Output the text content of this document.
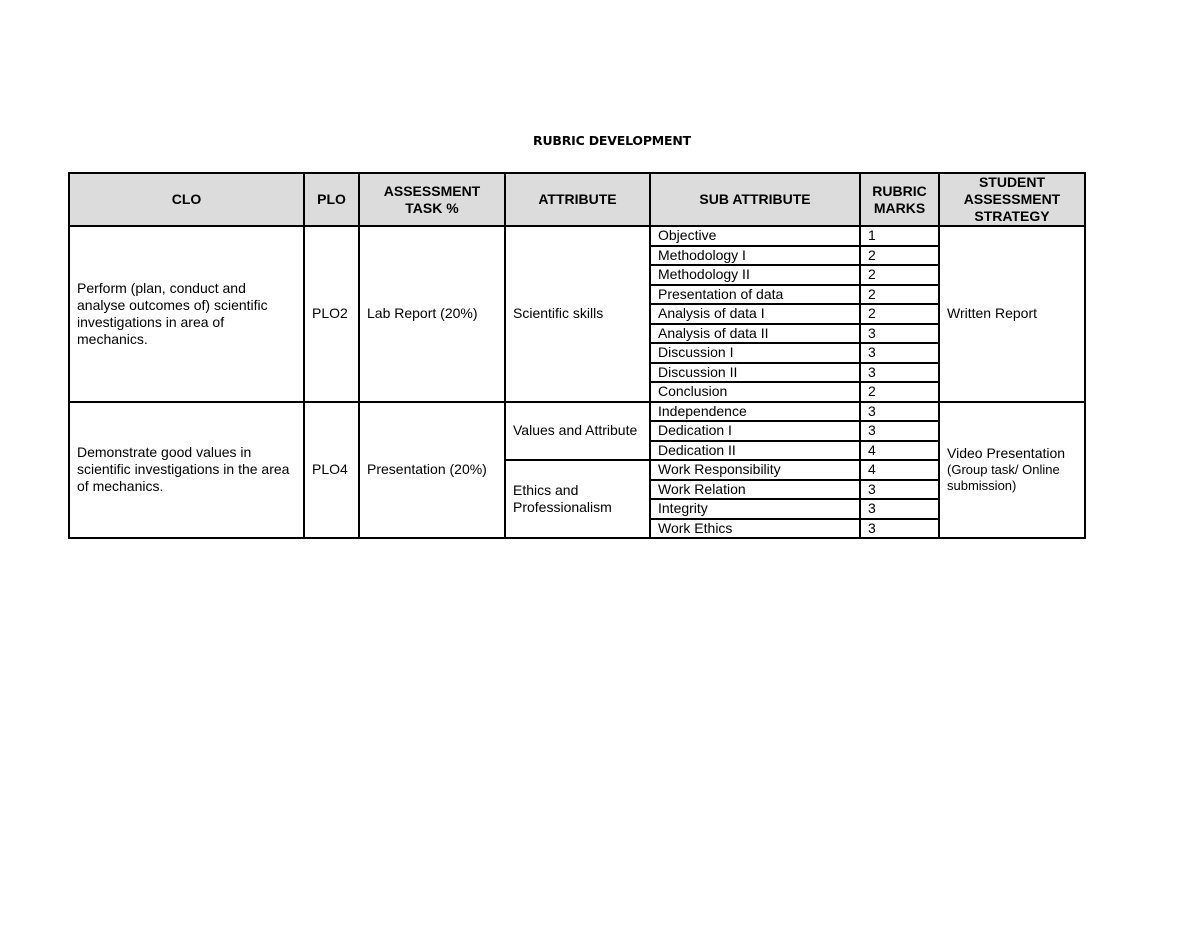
RUBRIC DEVELOPMENT
CLO	PLO	ASSESSMENT TASK %	ATTRIBUTE	SUB ATTRIBUTE	RUBRIC MARKS	STUDENT ASSESSMENT STRATEGY
Perform (plan, conduct and analyse outcomes of) scientific investigations in area of mechanics.	PLO2	Lab Report (20%)	Scientific skills	Objective	1	Written Report
				Methodology I	2	
				Methodology II	2	
				Presentation of data	2	
				Analysis of data I	2	
				Analysis of data II	3	
				Discussion I	3	
				Discussion II	3	
				Conclusion	2	
Demonstrate good values in scientific investigations in the area of mechanics.	PLO4	Presentation (20%)	Values and Attribute	Independence	3	Video Presentation
(Group task/ Online submission)

				Dedication I	3	
				Dedication II	4	
			Ethics and Professionalism	Work Responsibility	4	
				Work Relation	3	
				Integrity	3	
				Work Ethics	3	
